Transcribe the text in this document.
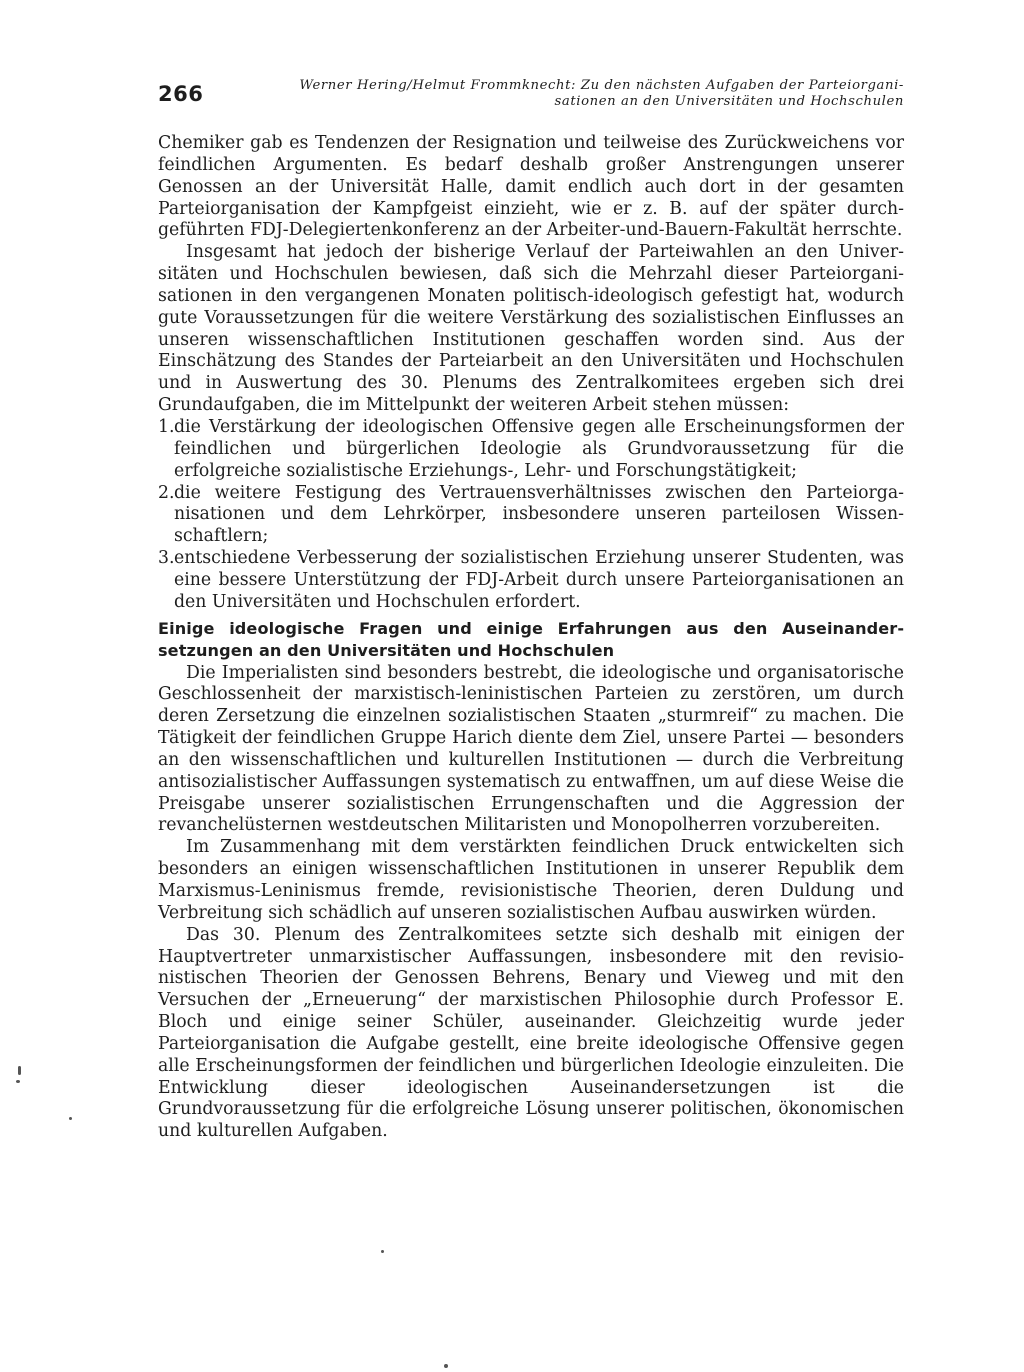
266	Werner Hering/Helmut Frommknecht: Zu den nächsten Aufgaben der Parteiorgani-
sationen an den Universitäten und Hochschulen

Chemiker gab es Tendenzen der Resignation und teilweise des Zurückweichens vor feindlichen Argumenten. Es bedarf deshalb großer Anstrengungen unserer Genossen an der Universität Halle, damit endlich auch dort in der gesamten Parteiorganisation der Kampfgeist einzieht, wie er z. B. auf der später durchgeführten FDJ-Delegiertenkonferenz an der Arbeiter-und-Bauern-Fakultät herrschte.

Insgesamt hat jedoch der bisherige Verlauf der Parteiwahlen an den Universitäten und Hochschulen bewiesen, daß sich die Mehrzahl dieser Parteiorganisationen in den vergangenen Monaten politisch-ideologisch gefestigt hat, wodurch gute Voraussetzungen für die weitere Verstärkung des sozialistischen Einflusses an unseren wissenschaftlichen Institutionen geschaffen worden sind. Aus der Einschätzung des Standes der Parteiarbeit an den Universitäten und Hochschulen und in Auswertung des 30. Plenums des Zentralkomitees ergeben sich drei Grundaufgaben, die im Mittelpunkt der weiteren Arbeit stehen müssen:

1. die Verstärkung der ideologischen Offensive gegen alle Erscheinungsformen der feindlichen und bürgerlichen Ideologie als Grundvoraussetzung für die erfolgreiche sozialistische Erziehungs-, Lehr- und Forschungstätigkeit;
2. die weitere Festigung des Vertrauensverhältnisses zwischen den Parteiorganisationen und dem Lehrkörper, insbesondere unseren parteilosen Wissenschaftlern;
3. entschiedene Verbesserung der sozialistischen Erziehung unserer Studenten, was eine bessere Unterstützung der FDJ-Arbeit durch unsere Parteiorganisationen an den Universitäten und Hochschulen erfordert.
Einige ideologische Fragen und einige Erfahrungen aus den Auseinandersetzungen an den Universitäten und Hochschulen

Die Imperialisten sind besonders bestrebt, die ideologische und organisatorische Geschlossenheit der marxistisch-leninistischen Parteien zu zerstören, um durch deren Zersetzung die einzelnen sozialistischen Staaten „sturmreif“ zu machen. Die Tätigkeit der feindlichen Gruppe Harich diente dem Ziel, unsere Partei — besonders an den wissenschaftlichen und kulturellen Institutionen — durch die Verbreitung antisozialistischer Auffassungen systematisch zu entwaffnen, um auf diese Weise die Preisgabe unserer sozialistischen Errungenschaften und die Aggression der revanchelüsternen westdeutschen Militaristen und Monopolherren vorzubereiten.

Im Zusammenhang mit dem verstärkten feindlichen Druck entwickelten sich besonders an einigen wissenschaftlichen Institutionen in unserer Republik dem Marxismus-Leninismus fremde, revisionistische Theorien, deren Duldung und Verbreitung sich schädlich auf unseren sozialistischen Aufbau auswirken würden.

Das 30. Plenum des Zentralkomitees setzte sich deshalb mit einigen der Hauptvertreter unmarxistischer Auffassungen, insbesondere mit den revisionistischen Theorien der Genossen Behrens, Benary und Vieweg und mit den Versuchen der „Erneuerung“ der marxistischen Philosophie durch Professor E. Bloch und einige seiner Schüler, auseinander. Gleichzeitig wurde jeder Parteiorganisation die Aufgabe gestellt, eine breite ideologische Offensive gegen alle Erscheinungsformen der feindlichen und bürgerlichen Ideologie einzuleiten. Die Entwicklung dieser ideologischen Auseinandersetzungen ist die Grundvoraussetzung für die erfolgreiche Lösung unserer politischen, ökonomischen und kulturellen Aufgaben.
